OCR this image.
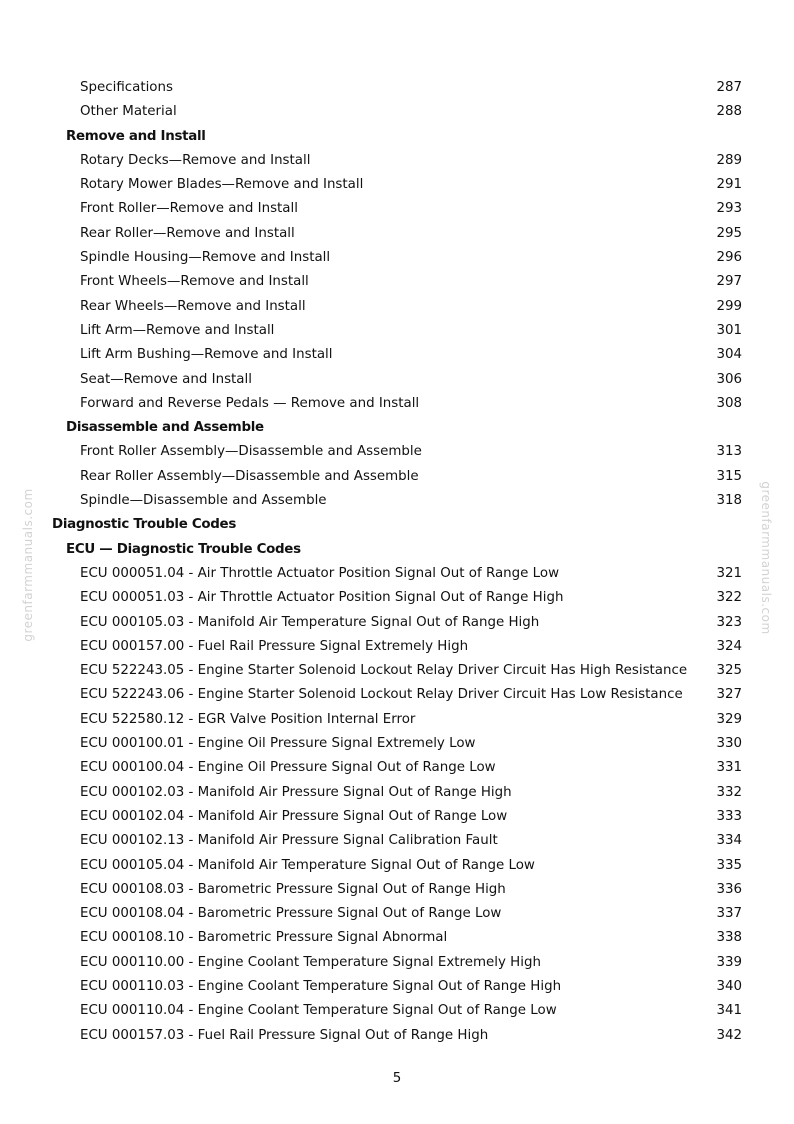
Specifications	287
Other Material	288
Remove and Install
Rotary Decks—Remove and Install	289
Rotary Mower Blades—Remove and Install	291
Front Roller—Remove and Install	293
Rear Roller—Remove and Install	295
Spindle Housing—Remove and Install	296
Front Wheels—Remove and Install	297
Rear Wheels—Remove and Install	299
Lift Arm—Remove and Install	301
Lift Arm Bushing—Remove and Install	304
Seat—Remove and Install	306
Forward and Reverse Pedals — Remove and Install	308
Disassemble and Assemble
Front Roller Assembly—Disassemble and Assemble	313
Rear Roller Assembly—Disassemble and Assemble	315
Spindle—Disassemble and Assemble	318
Diagnostic Trouble Codes
ECU — Diagnostic Trouble Codes
ECU 000051.04 - Air Throttle Actuator Position Signal Out of Range Low	321
ECU 000051.03 - Air Throttle Actuator Position Signal Out of Range High	322
ECU 000105.03 - Manifold Air Temperature Signal Out of Range High	323
ECU 000157.00 - Fuel Rail Pressure Signal Extremely High	324
ECU 522243.05 - Engine Starter Solenoid Lockout Relay Driver Circuit Has High Resistance 325
ECU 522243.06 - Engine Starter Solenoid Lockout Relay Driver Circuit Has Low Resistance	327
ECU 522580.12 - EGR Valve Position Internal Error	329
ECU 000100.01 - Engine Oil Pressure Signal Extremely Low	330
ECU 000100.04 - Engine Oil Pressure Signal Out of Range Low	331
ECU 000102.03 - Manifold Air Pressure Signal Out of Range High	332
ECU 000102.04 - Manifold Air Pressure Signal Out of Range Low	333
ECU 000102.13 - Manifold Air Pressure Signal Calibration Fault	334
ECU 000105.04 - Manifold Air Temperature Signal Out of Range Low	335
ECU 000108.03 - Barometric Pressure Signal Out of Range High	336
ECU 000108.04 - Barometric Pressure Signal Out of Range Low	337
ECU 000108.10 - Barometric Pressure Signal Abnormal	338
ECU 000110.00 - Engine Coolant Temperature Signal Extremely High	339
ECU 000110.03 - Engine Coolant Temperature Signal Out of Range High	340
ECU 000110.04 - Engine Coolant Temperature Signal Out of Range Low	341
ECU 000157.03 - Fuel Rail Pressure Signal Out of Range High	342
5
greenfarmmanuals.com	greenfarmmanuals.com
